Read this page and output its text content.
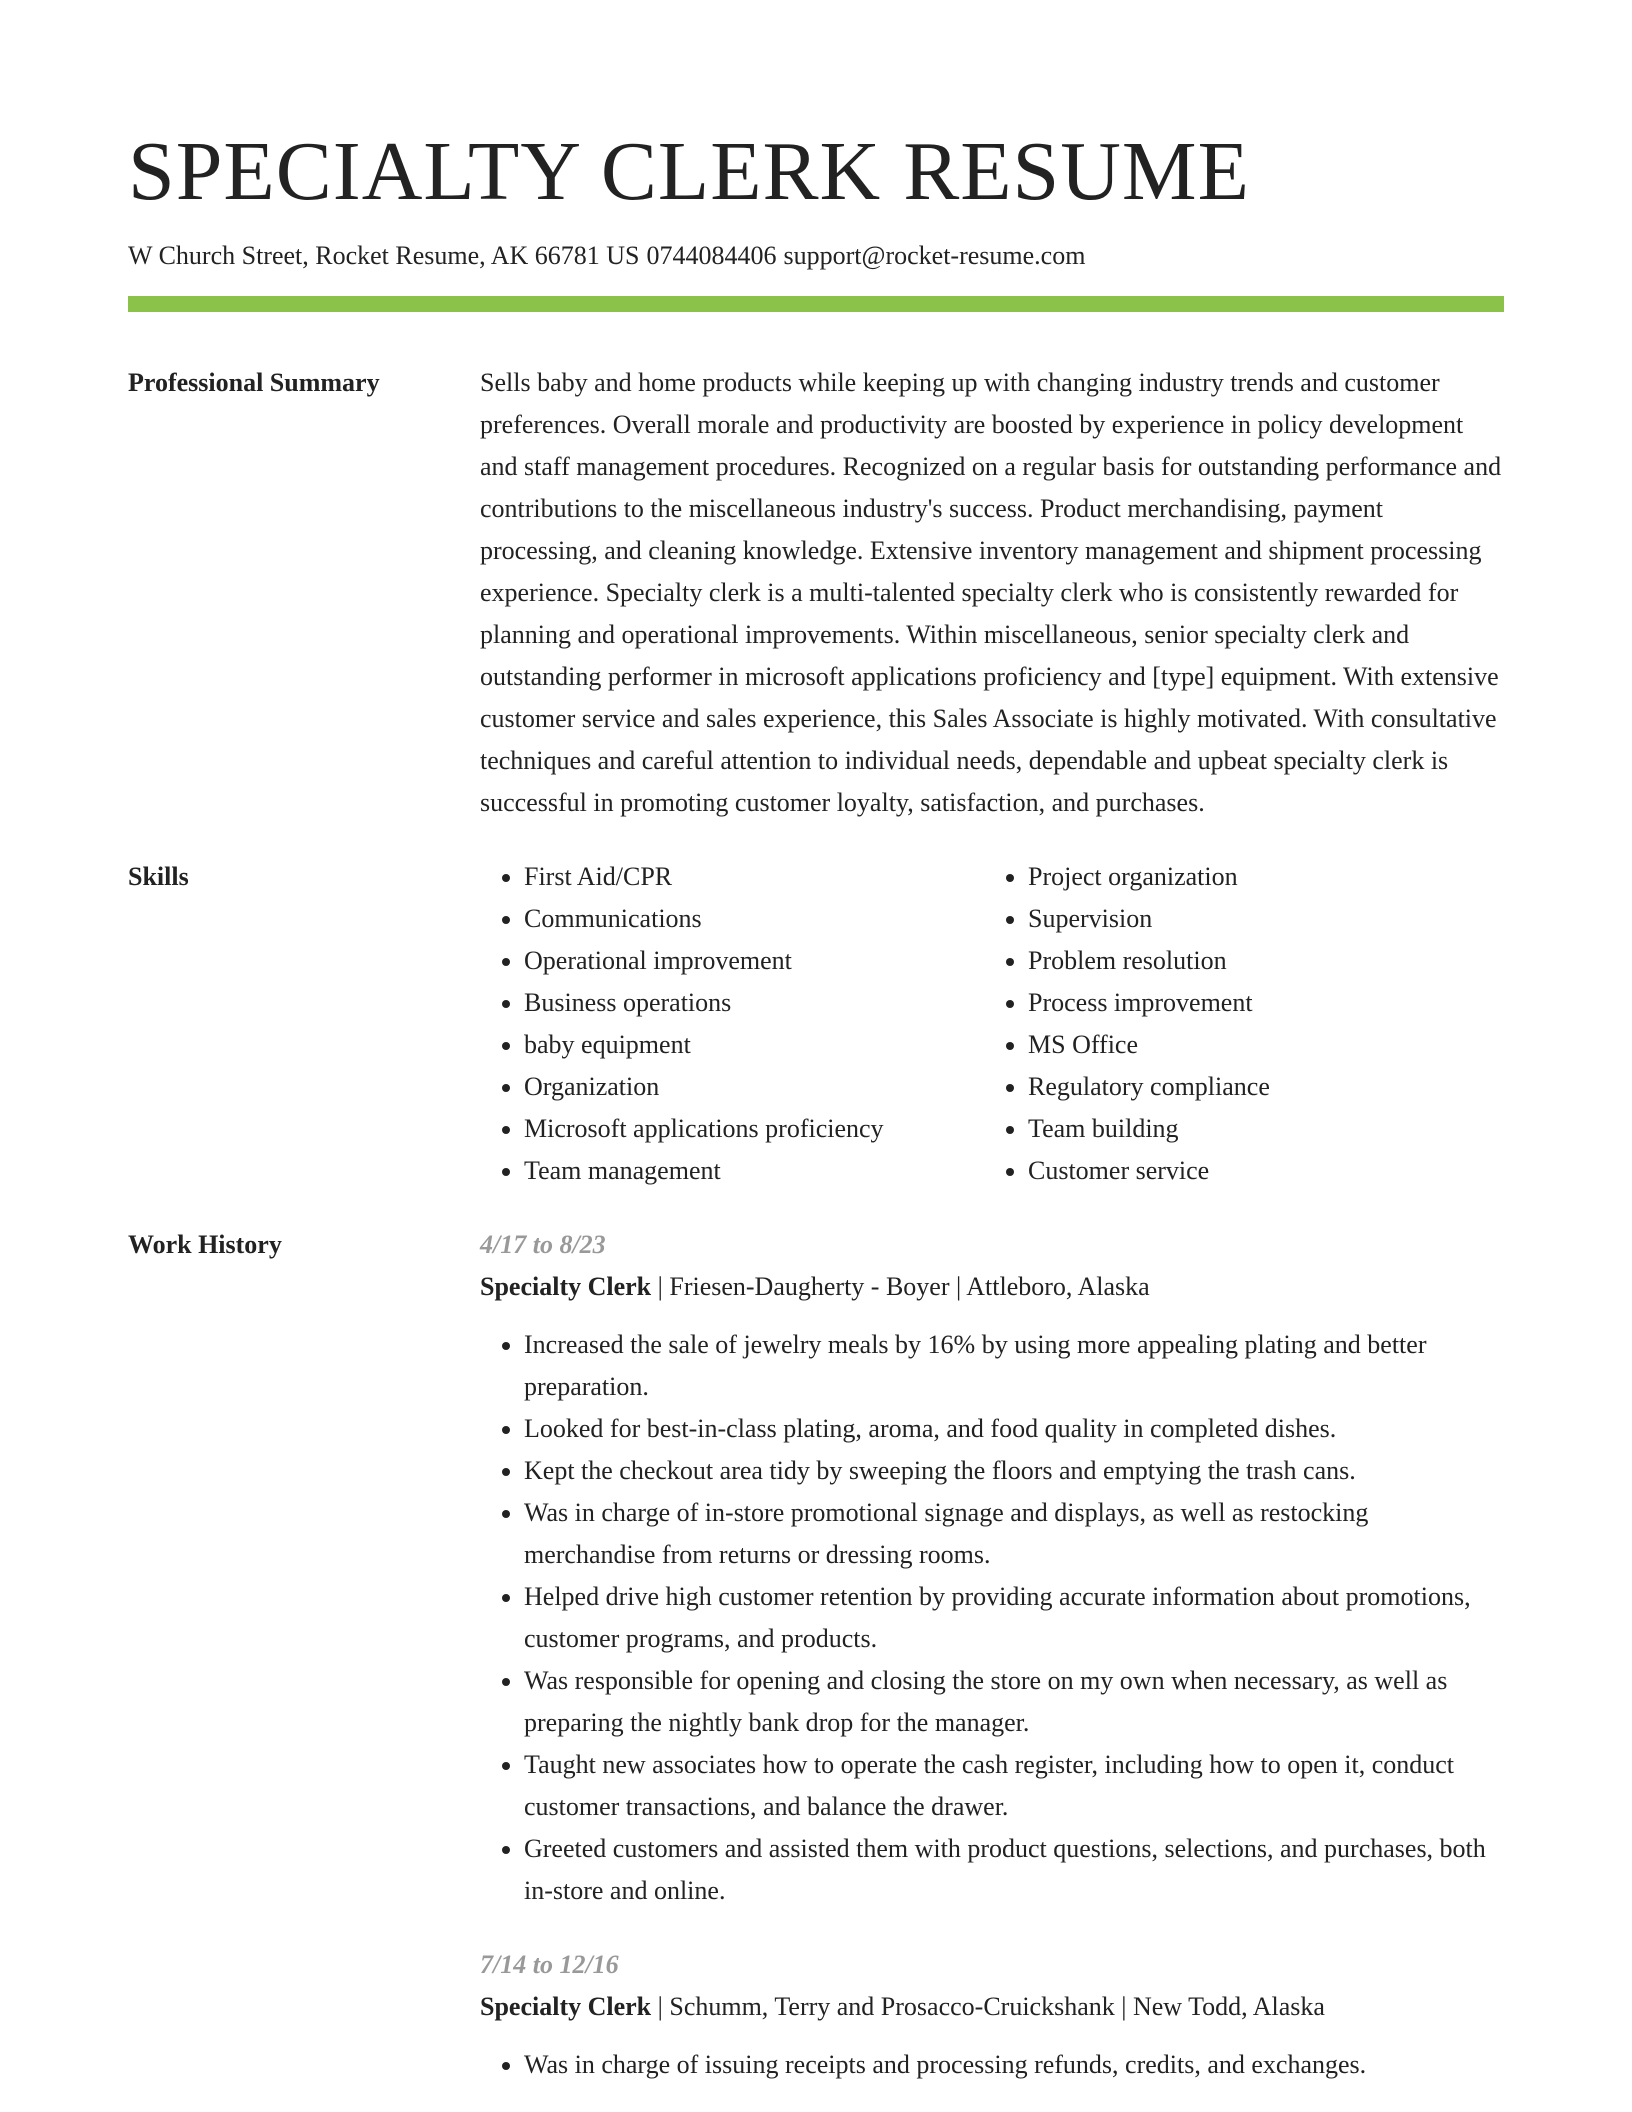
SPECIALTY CLERK RESUME
W Church Street, Rocket Resume, AK 66781 US 0744084406 support@rocket-resume.com
Professional Summary	Sells baby and home products while keeping up with changing industry trends and customer preferences. Overall morale and productivity are boosted by experience in policy development and staff management procedures. Recognized on a regular basis for outstanding performance and contributions to the miscellaneous industry's success. Product merchandising, payment processing, and cleaning knowledge. Extensive inventory management and shipment processing experience. Specialty clerk is a multi-talented specialty clerk who is consistently rewarded for planning and operational improvements. Within miscellaneous, senior specialty clerk and outstanding performer in microsoft applications proficiency and [type] equipment. With extensive customer service and sales experience, this Sales Associate is highly motivated. With consultative techniques and careful attention to individual needs, dependable and upbeat specialty clerk is successful in promoting customer loyalty, satisfaction, and purchases.

Skills
•	First Aid/CPR
• Communications
• Operational improvement
• Business operations
• baby equipment
• Organization
• Microsoft applications proficiency
• Team management
• Project organization
• Supervision
• Problem resolution
• Process improvement
• MS Office
• Regulatory compliance
• Team building
• Customer service
Work History	4/17 to 8/23
Specialty Clerk | Friesen-Daugherty - Boyer | Attleboro, Alaska
• Increased the sale of jewelry meals by 16% by using more appealing plating and better preparation.
• Looked for best-in-class plating, aroma, and food quality in completed dishes.
• Kept the checkout area tidy by sweeping the floors and emptying the trash cans.
• Was in charge of in-store promotional signage and displays, as well as restocking merchandise from returns or dressing rooms.
• Helped drive high customer retention by providing accurate information about promotions, customer programs, and products.
• Was responsible for opening and closing the store on my own when necessary, as well as preparing the nightly bank drop for the manager.
• Taught new associates how to operate the cash register, including how to open it, conduct customer transactions, and balance the drawer.
• Greeted customers and assisted them with product questions, selections, and purchases, both in-store and online.
7/14 to 12/16
Specialty Clerk | Schumm, Terry and Prosacco-Cruickshank | New Todd, Alaska
• Was in charge of issuing receipts and processing refunds, credits, and exchanges.
